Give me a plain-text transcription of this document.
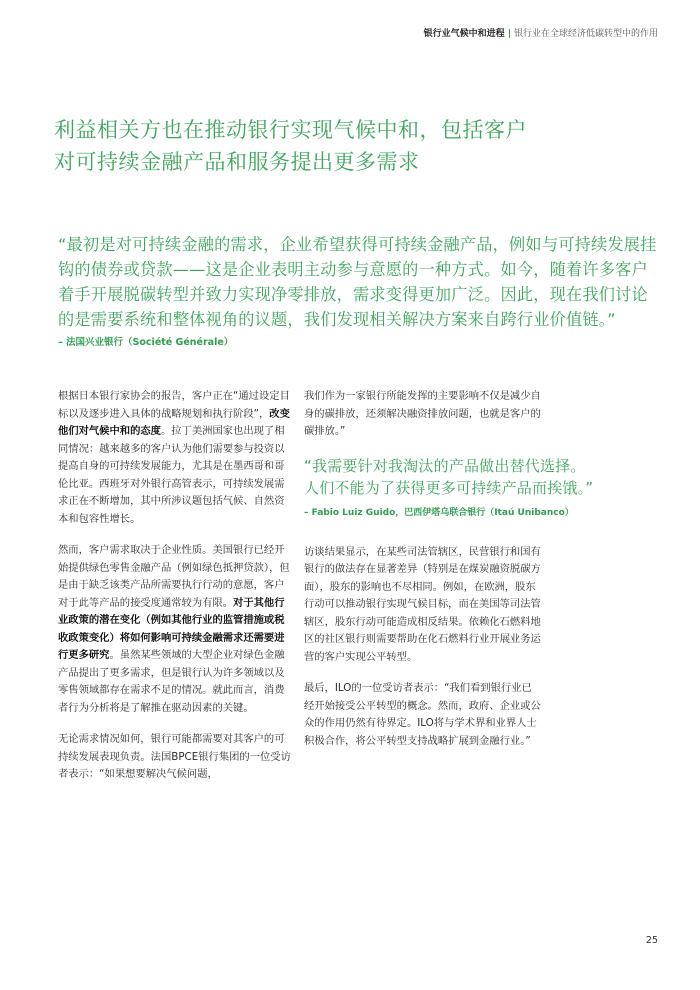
银行业气候中和进程 | 银行业在全球经济低碳转型中的作用
利益相关方也在推动银行实现气候中和，包括客户
对可持续金融产品和服务提出更多需求
“最初是对可持续金融的需求，企业希望获得可持续金融产品，例如与可持续发展挂钩的债券或贷款——这是企业表明主动参与意愿的一种方式。如今，随着许多客户着手开展脱碳转型并致力实现净零排放，需求变得更加广泛。因此，现在我们讨论的是需要系统和整体视角的议题，我们发现相关解决方案来自跨行业价值链。”
– 法国兴业银行（Société Générale）

根据日本银行家协会的报告，客户正在“通过设定目标以及逐步进入具体的战略规划和执行阶段”，改变他们对气候中和的态度。拉丁美洲国家也出现了相同情况：越来越多的客户认为他们需要参与投资以提高自身的可持续发展能力，尤其是在墨西哥和哥伦比亚。西班牙对外银行高管表示，可持续发展需求正在不断增加，其中所涉议题包括气候、自然资本和包容性增长。

然而，客户需求取决于企业性质。美国银行已经开始提供绿色零售金融产品（例如绿色抵押贷款），但是由于缺乏该类产品所需要执行行动的意愿，客户对于此等产品的接受度通常较为有限。对于其他行业政策的潜在变化（例如其他行业的监管措施或税收政策变化）将如何影响可持续金融需求还需要进行更多研究。虽然某些领域的大型企业对绿色金融产品提出了更多需求，但是银行认为许多领域以及零售领域都存在需求不足的情况。就此而言，消费者行为分析将是了解推在驱动因素的关键。

无论需求情况如何，银行可能都需要对其客户的可持续发展表现负责。法国BPCE银行集团的一位受访者表示：“如果想要解决气候问题，

我们作为一家银行所能发挥的主要影响不仅是减少自身的碳排放，还须解决融资排放问题，也就是客户的碳排放。”

“我需要针对我淘汰的产品做出替代选择。
人们不能为了获得更多可持续产品而挨饿。”
– Fabio Luiz Guido，巴西伊塔乌联合银行（Itaú Unibanco）

访谈结果显示，在某些司法管辖区，民营银行和国有银行的做法存在显著差异（特别是在煤炭融资脱碳方面），股东的影响也不尽相同。例如，在欧洲，股东行动可以推动银行实现气候目标，而在美国等司法管辖区，股东行动可能造成相反结果。依赖化石燃料地区的社区银行则需要帮助在化石燃料行业开展业务运营的客户实现公平转型。

最后，ILO的一位受访者表示：“我们看到银行业已经开始接受公平转型的概念。然而，政府、企业或公众的作用仍然有待界定。ILO将与学术界和业界人士积极合作，将公平转型支持战略扩展到金融行业。”

25
